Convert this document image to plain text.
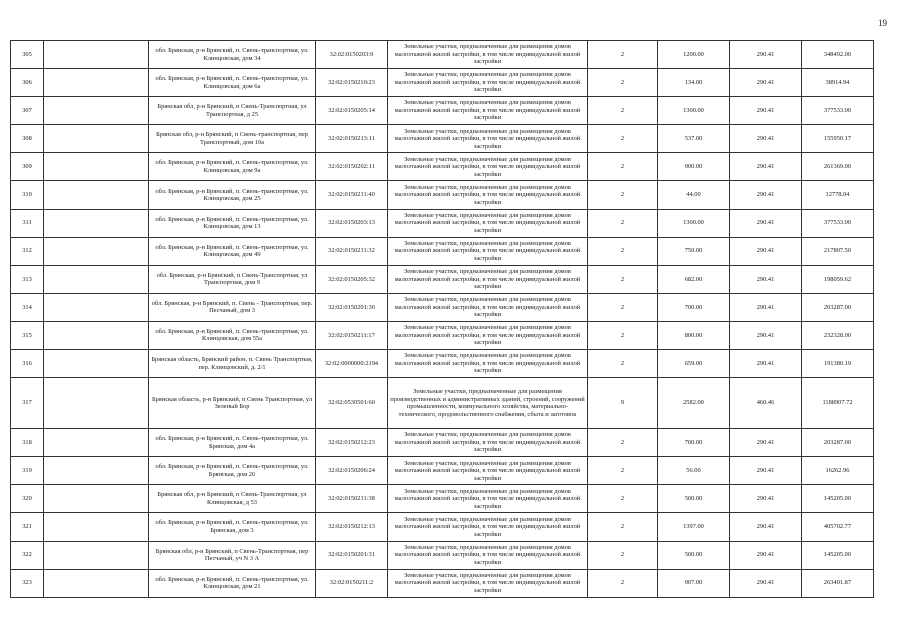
19
305		обл. Брянская, р-н Брянский, п. Свень-транспортная, ул. Клинцовская, дом 34	32:02:0150203:9	Земельные участки, предназначенные для размещения домов малоэтажной жилой застройки, в том числе индивидуальной жилой застройки	2	1200.00	290.41	348492.00
306		обл. Брянская, р-н Брянский, п. Свень-транспортная, ул. Клинцовская, дом 6а	32:02:0150210:23	Земельные участки, предназначенные для размещения домов малоэтажной жилой застройки, в том числе индивидуальной жилой застройки	2	134.00	290.41	38914.94
307		Брянская обл, р-н Брянский, п Свень-Транспортная, ул Транспортная, д 25	32:02:0150205:14	Земельные участки, предназначенные для размещения домов малоэтажной жилой застройки, в том числе индивидуальной жилой застройки	2	1300.00	290.41	377533.00
308		Брянская обл, р-н Брянский, п Свень-транспортная, пер Транспортный, дом 10а	32:02:0150213:11	Земельные участки, предназначенные для размещения домов малоэтажной жилой застройки, в том числе индивидуальной жилой застройки	2	537.00	290.41	155950.17
309		обл. Брянская, р-н Брянский, п. Свень-транспортная, ул. Клинцовская, дом 9а	32:02:0150202:11	Земельные участки, предназначенные для размещения домов малоэтажной жилой застройки, в том числе индивидуальной жилой застройки	2	900.00	290.41	261369.00
310		обл. Брянская, р-н Брянский, п. Свень-транспортная, ул. Клинцовская, дом 25	32:02:0150211:40	Земельные участки, предназначенные для размещения домов малоэтажной жилой застройки, в том числе индивидуальной жилой застройки	2	44.00	290.41	12778.04
311		обл. Брянская, р-н Брянский, п. Свень-транспортная, ул. Клинцовская, дом 13	32:02:0150203:13	Земельные участки, предназначенные для размещения домов малоэтажной жилой застройки, в том числе индивидуальной жилой застройки	2	1300.00	290.41	377533.00
312		обл. Брянская, р-н Брянский, п. Свень-транспортная, ул. Клинцовская, дом 49	32:02:0150211:32	Земельные участки, предназначенные для размещения домов малоэтажной жилой застройки, в том числе индивидуальной жилой застройки	2	750.00	290.41	217807.50
313		обл. Брянская, р-н Брянский, п Свень-Транспортная, ул Транспортная, дом 9	32:02:0150205:32	Земельные участки, предназначенные для размещения домов малоэтажной жилой застройки, в том числе индивидуальной жилой застройки	2	682.00	290.41	198059.62
314		обл. Брянская, р-н Брянский, п. Свень - Транспортная, пер. Песчаный, дом 3	32:02:0150201:30	Земельные участки, предназначенные для размещения домов малоэтажной жилой застройки, в том числе индивидуальной жилой застройки	2	700.00	290.41	203287.00
315		обл. Брянская, р-н Брянский, п. Свень-транспортная, ул. Клинцовская, дом 55а	32:02:0150211:17	Земельные участки, предназначенные для размещения домов малоэтажной жилой застройки, в том числе индивидуальной жилой застройки	2	800.00	290.41	232328.00
316		Брянская область, Брянский район, п. Свень Транспортная, пер. Клинцовский, д. 2/1	32:02:0000000:2194	Земельные участки, предназначенные для размещения домов малоэтажной жилой застройки, в том числе индивидуальной жилой застройки	2	659.00	290.41	191380.19
317		Брянская область, р-н Брянский, п Свень Транспортная, ул Зеленый Бор	32:02:0530501:60	Земельные участки, предназначенные для размещения производственных и административных зданий, строений, сооружений промышленности, коммунального хозяйства, материально-технического, продовольственного снабжения, сбыта и заготовок	9	2582.00	460.46	1188907.72
318		обл. Брянская, р-н Брянский, п. Свень-транспортная, ул. Брянская, дом 4а	32:02:0150212:23	Земельные участки, предназначенные для размещения домов малоэтажной жилой застройки, в том числе индивидуальной жилой застройки	2	700.00	290.41	203287.00
319		обл. Брянская, р-н Брянский, п. Свень-транспортная, ул. Брянская, дом 26	32:02:0150206:24	Земельные участки, предназначенные для размещения домов малоэтажной жилой застройки, в том числе индивидуальной жилой застройки	2	56.00	290.41	16262.96
320		Брянская обл, р-н Брянский, п Свень-Транспортная, ул Клинцовская, д 53	32:02:0150211:38	Земельные участки, предназначенные для размещения домов малоэтажной жилой застройки, в том числе индивидуальной жилой застройки	2	500.00	290.41	145205.00
321		обл. Брянская, р-н Брянский, п. Свень-транспортная, ул. Брянская, дом 3	32:02:0150212:13	Земельные участки, предназначенные для размещения домов малоэтажной жилой застройки, в том числе индивидуальной жилой застройки	2	1397.00	290.41	405702.77
322		Брянская обл, р-н Брянский, п Свень-Транспортная, пер Песчаный, уч N 3 А	32:02:0150201:31	Земельные участки, предназначенные для размещения домов малоэтажной жилой застройки, в том числе индивидуальной жилой застройки	2	500.00	290.41	145205.00
323		обл. Брянская, р-н Брянский, п. Свень-транспортная, ул. Клинцовская, дом 21	32:02:0150211:2	Земельные участки, предназначенные для размещения домов малоэтажной жилой застройки, в том числе индивидуальной жилой застройки	2	907.00	290.41	263401.87
